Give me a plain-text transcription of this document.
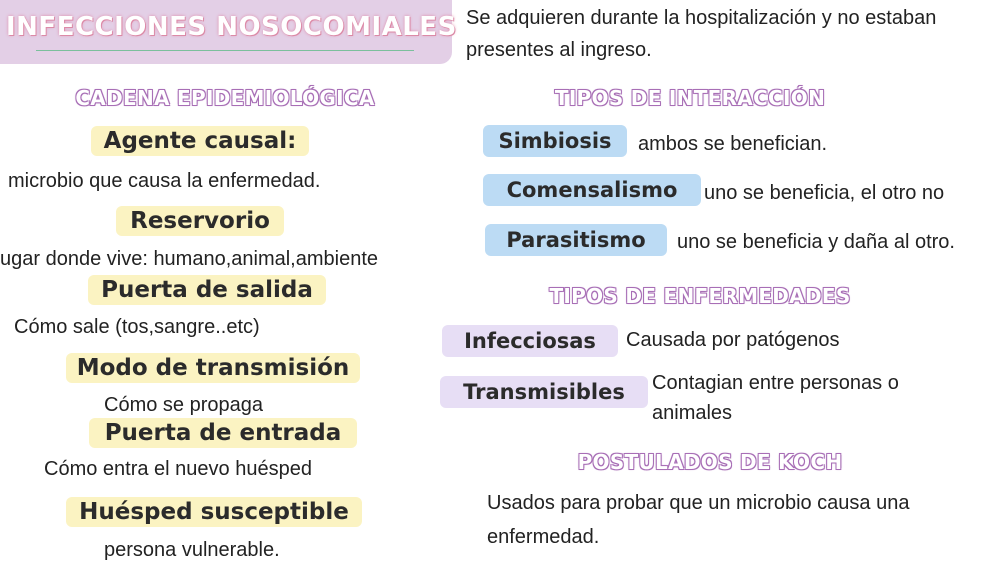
INFECCIONES NOSOCOMIALES Se adquieren durante la hospitalización y no estaban presentes al ingreso.
CADENA EPIDEMIOLÓGICA
Agente causal:
microbio que causa la enfermedad.
Reservorio
ugar donde vive: humano,animal,ambiente
Puerta de salida
Cómo sale (tos,sangre..etc)
Modo de transmisión
Cómo se propaga
Puerta de entrada
Cómo entra el nuevo huésped
Huésped susceptible
persona vulnerable.
TIPOS DE INTERACCIÓN
Simbiosis	ambos se benefician.
Comensalismo	uno se beneficia, el otro no
Parasitismo	uno se beneficia y daña al otro.
TIPOS DE ENFERMEDADES
Infecciosas	Causada por patógenos
Transmisibles	Contagian entre personas o animales
POSTULADOS DE KOCH
Usados para probar que un microbio causa una enfermedad.
